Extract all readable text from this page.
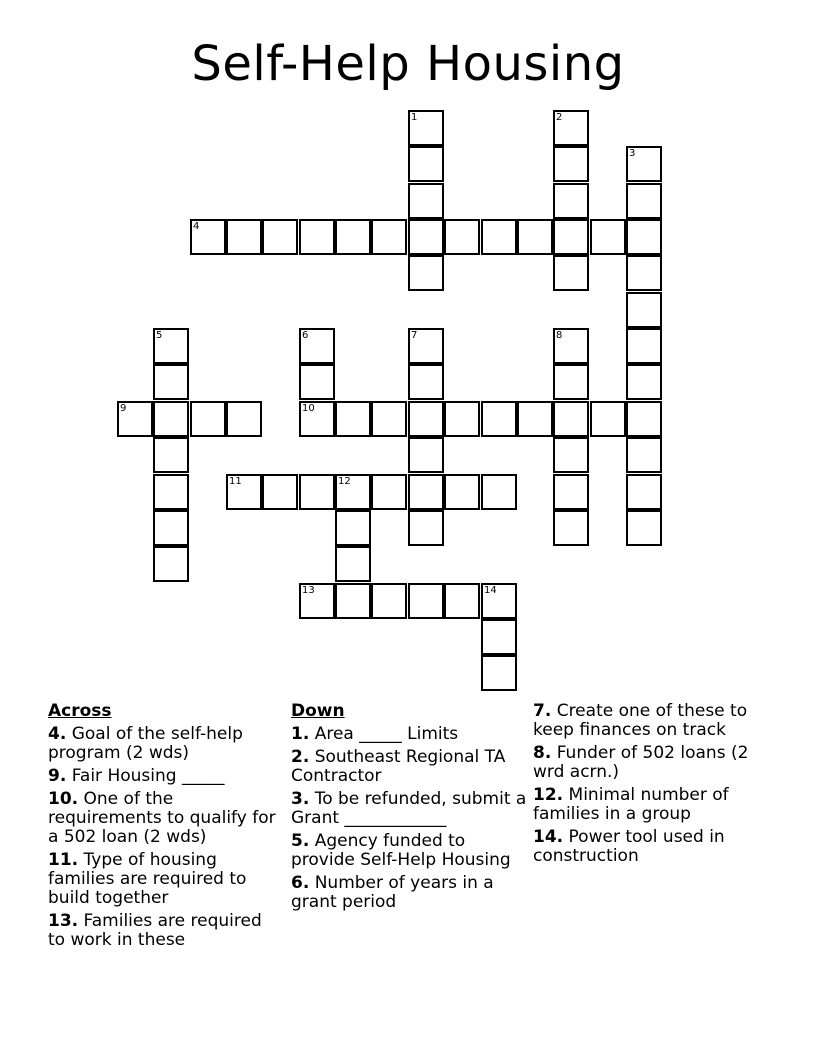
Self-Help Housing
1	2
3
4
5	6
10
7	8
9
11	12
13	14
Across
4. Goal of the self-help program (2 wds)
9. Fair Housing _____
10. One of the requirements to qualify for a 502 loan (2 wds)
11. Type of housing families are required to build together
13. Families are required to work in these
Down
1. Area _____ Limits
2. Southeast Regional TA Contractor
3. To be refunded, submit a Grant ____________
5. Agency funded to provide Self-Help Housing
6. Number of years in a grant period
7. Create one of these to keep finances on track
8. Funder of 502 loans (2 wrd acrn.)
12. Minimal number of families in a group
14. Power tool used in construction
